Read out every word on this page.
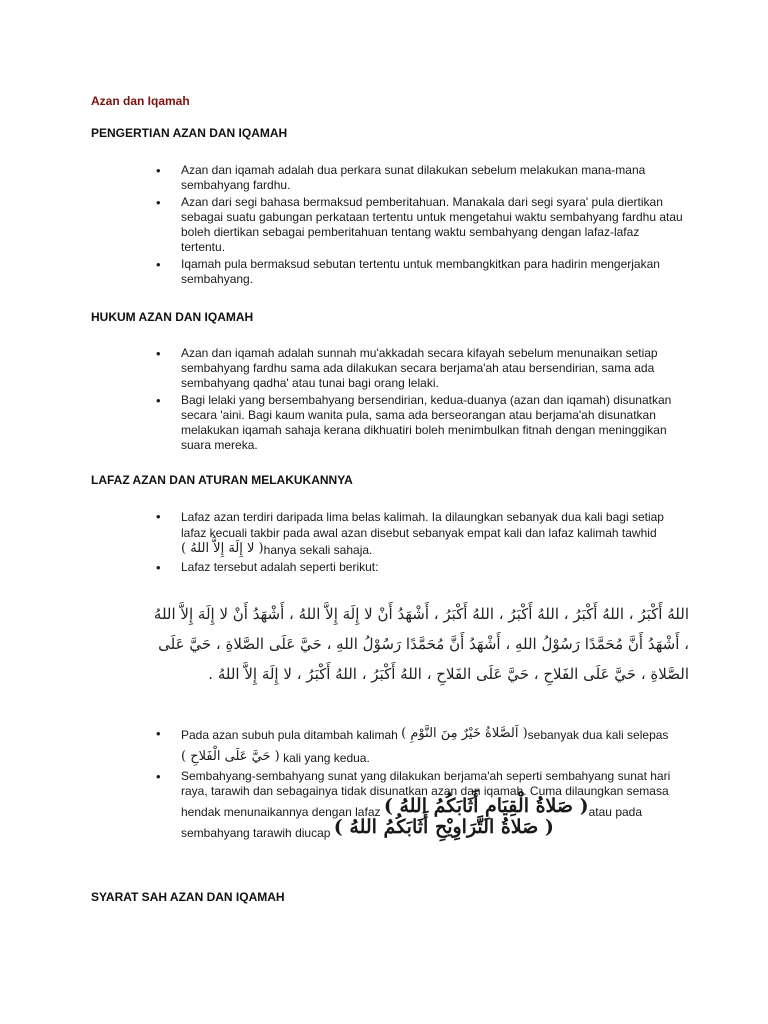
Azan dan Iqamah
PENGERTIAN AZAN DAN IQAMAH
• Azan dan iqamah adalah dua perkara sunat dilakukan sebelum melakukan mana-mana sembahyang fardhu.
• Azan dari segi bahasa bermaksud pemberitahuan. Manakala dari segi syara' pula diertikan sebagai suatu gabungan perkataan tertentu untuk mengetahui waktu sembahyang fardhu atau boleh diertikan sebagai pemberitahuan tentang waktu sembahyang dengan lafaz-lafaz tertentu.
• Iqamah pula bermaksud sebutan tertentu untuk membangkitkan para hadirin mengerjakan sembahyang.
HUKUM AZAN DAN IQAMAH
• Azan dan iqamah adalah sunnah mu'akkadah secara kifayah sebelum menunaikan setiap sembahyang fardhu sama ada dilakukan secara berjama'ah atau bersendirian, sama ada sembahyang qadha' atau tunai bagi orang lelaki.
• Bagi lelaki yang bersembahyang bersendirian, kedua-duanya (azan dan iqamah) disunatkan secara 'aini. Bagi kaum wanita pula, sama ada berseorangan atau berjama'ah disunatkan melakukan iqamah sahaja kerana dikhuatiri boleh menimbulkan fitnah dengan meninggikan suara mereka.
LAFAZ AZAN DAN ATURAN MELAKUKANNYA
• Lafaz azan terdiri daripada lima belas kalimah. Ia dilaungkan sebanyak dua kali bagi setiap lafaz kecuali takbir pada awal azan disebut sebanyak empat kali dan lafaz kalimah tawhid ( لا إِلَهَ إِلاَّ اللهُ )hanya sekali sahaja.
• Lafaz tersebut adalah seperti berikut:
اللهُ أَكْبَرُ ، اللهُ أَكْبَرُ ، اللهُ أَكْبَرُ ، اللهُ أَكْبَرُ ، أَشْهَدُ أَنْ لا إِلَهَ إِلاَّ اللهُ ، أَشْهَدُ أَنْ لا إِلَهَ إِلاَّ اللهُ ، أَشْهَدُ أَنَّ مُحَمَّدًا رَسُوْلُ اللهِ ، أَشْهَدُ أَنَّ مُحَمَّدًا رَسُوْلُ اللهِ ، حَيَّ عَلَى الصَّلاةِ ، حَيَّ عَلَى الصَّلاةِ ، حَيَّ عَلَى الفَلاحِ ، حَيَّ عَلَى الفَلاحِ ، اللهُ أَكْبَرُ ، اللهُ أَكْبَرُ ، لا إِلَهَ إِلاَّ اللهُ .
• Pada azan subuh pula ditambah kalimah ( اَلصَّلاةُ خَيْرٌ مِنَ النَّوْمِ )sebanyak dua kali selepas ( حَيَّ عَلَى الْفَلاحِ ) kali yang kedua.
• Sembahyang-sembahyang sunat yang dilakukan berjama'ah seperti sembahyang sunat hari raya, tarawih dan sebagainya tidak disunatkan azan dan iqamah. Cuma dilaungkan semasa hendak menunaikannya dengan lafaz ( صَلاةُ الْقِيَامِ أَثَابَكُمُ اللهُ )atau pada sembahyang tarawih diucap ( صَلاةُ التَّرَاوِيْحِ أَثَابَكُمُ اللهُ )
SYARAT SAH AZAN DAN IQAMAH
